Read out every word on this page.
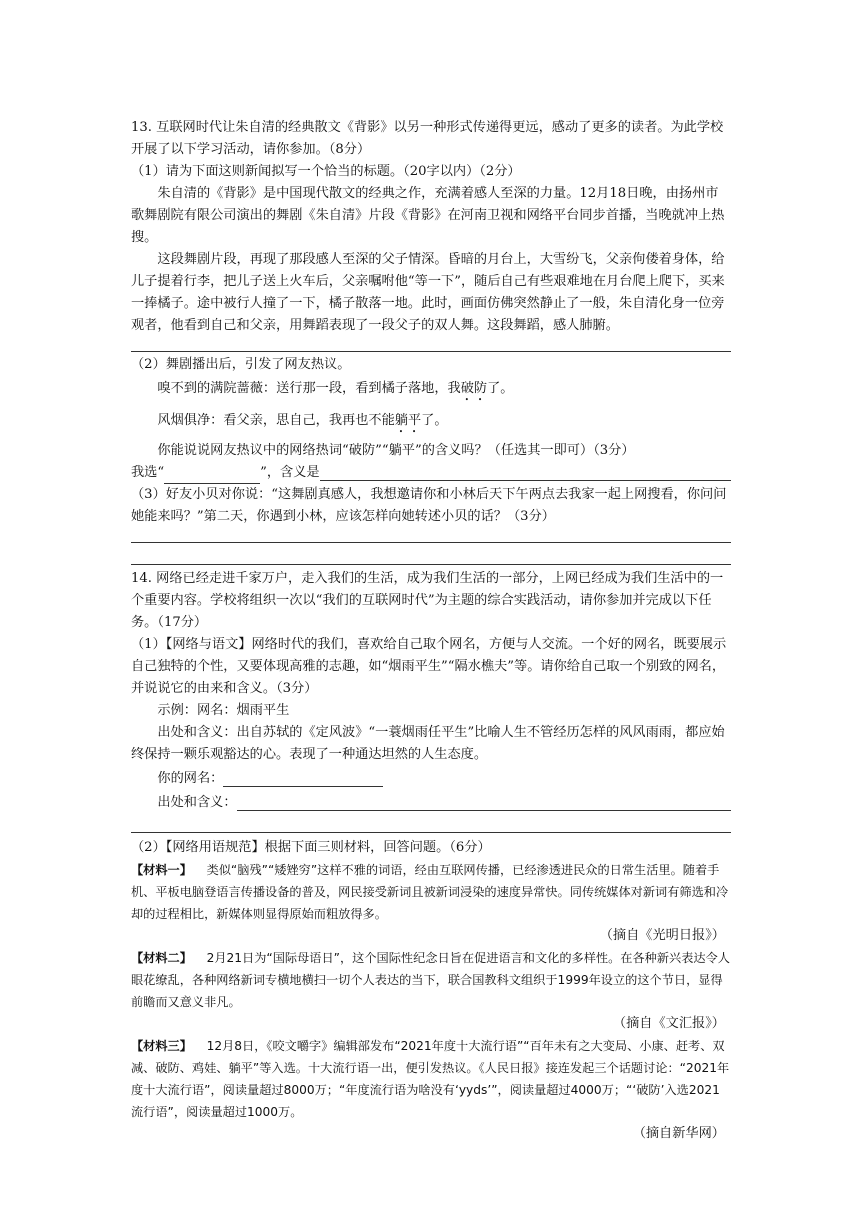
13. 互联网时代让朱自清的经典散文《背影》以另一种形式传递得更远，感动了更多的读者。为此学校开展了以下学习活动，请你参加。（8分）

（1）请为下面这则新闻拟写一个恰当的标题。（20字以内）（2分）

朱自清的《背影》是中国现代散文的经典之作，充满着感人至深的力量。12月18日晚，由扬州市歌舞剧院有限公司演出的舞剧《朱自清》片段《背影》在河南卫视和网络平台同步首播，当晚就冲上热搜。

这段舞剧片段，再现了那段感人至深的父子情深。昏暗的月台上，大雪纷飞，父亲佝偻着身体，给儿子提着行李，把儿子送上火车后，父亲嘱咐他“等一下”，随后自己有些艰难地在月台爬上爬下，买来一捧橘子。途中被行人撞了一下，橘子散落一地。此时，画面仿佛突然静止了一般，朱自清化身一位旁观者，他看到自己和父亲，用舞蹈表现了一段父子的双人舞。这段舞蹈，感人肺腑。

（2）舞剧播出后，引发了网友热议。

嗅不到的满院蔷薇：送行那一段，看到橘子落地，我破防了。

风烟俱净：看父亲，思自己，我再也不能躺平了。

你能说说网友热议中的网络热词“破防”“躺平”的含义吗？（任选其一即可）（3分）

我选“	”，含义是

（3）好友小贝对你说：“这舞剧真感人，我想邀请你和小林后天下午两点去我家一起上网搜看，你问问她能来吗？”第二天，你遇到小林，应该怎样向她转述小贝的话？（3分）

14. 网络已经走进千家万户，走入我们的生活，成为我们生活的一部分，上网已经成为我们生活中的一个重要内容。学校将组织一次以“我们的互联网时代”为主题的综合实践活动，请你参加并完成以下任务。（17分）

（1）【网络与语文】网络时代的我们，喜欢给自己取个网名，方便与人交流。一个好的网名，既要展示自己独特的个性，又要体现高雅的志趣，如“烟雨平生”“隔水樵夫”等。请你给自己取一个别致的网名，并说说它的由来和含义。（3分）

示例：网名：烟雨平生

出处和含义：出自苏轼的《定风波》“一蓑烟雨任平生”比喻人生不管经历怎样的风风雨雨，都应始终保持一颗乐观豁达的心。表现了一种通达坦然的人生态度。

你的网名：
出处和含义：

（2）【网络用语规范】根据下面三则材料，回答问题。（6分）

【材料一】 类似“脑残”“矮矬穷”这样不雅的词语，经由互联网传播，已经渗透进民众的日常生活里。随着手机、平板电脑登语言传播设备的普及，网民接受新词且被新词浸染的速度异常快。同传统媒体对新词有筛选和冷却的过程相比，新媒体则显得原始而粗放得多。

（摘自《光明日报》）

【材料二】 2月21日为“国际母语日”，这个国际性纪念日旨在促进语言和文化的多样性。在各种新兴表达令人眼花缭乱，各种网络新词专横地横扫一切个人表达的当下，联合国教科文组织于1999年设立的这个节日，显得前瞻而又意义非凡。

（摘自《文汇报》）

【材料三】 12月8日，《咬文嚼字》编辑部发布“2021年度十大流行语”“百年未有之大变局、小康、赶考、双减、破防、鸡娃、躺平”等入选。十大流行语一出，便引发热议。《人民日报》接连发起三个话题讨论：“2021年度十大流行语”，阅读量超过8000万；“年度流行语为啥没有‘yyds’”，阅读量超过4000万；“‘破防’入选2021流行语”，阅读量超过1000万。

（摘自新华网）
